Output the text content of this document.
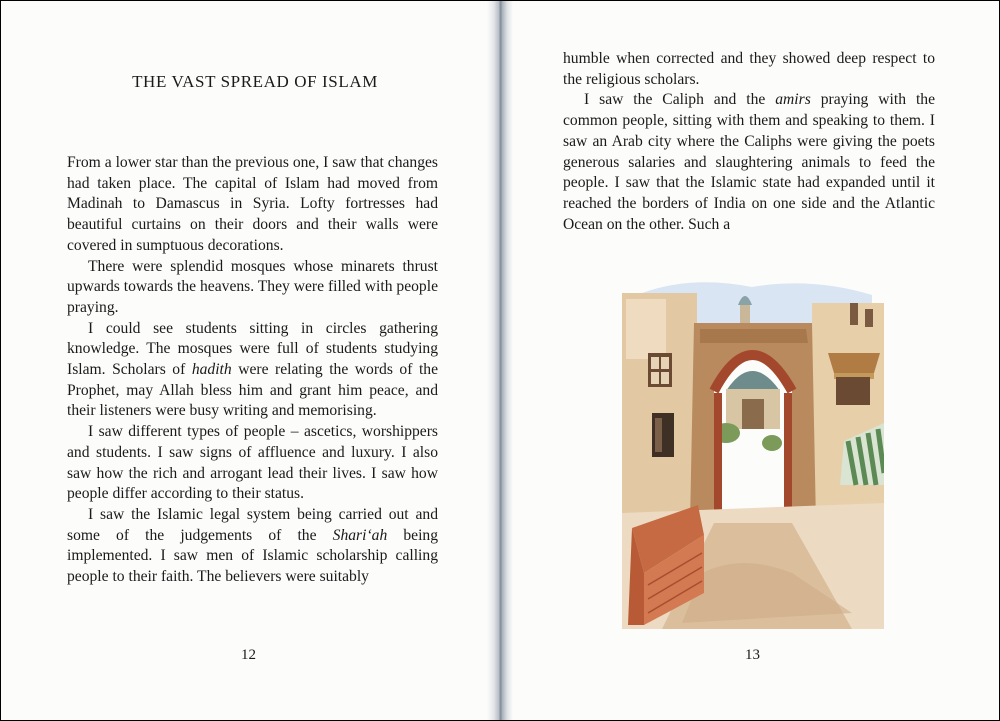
THE VAST SPREAD OF ISLAM

From a lower star than the previous one, I saw that changes had taken place. The capital of Islam had moved from Madinah to Damascus in Syria. Lofty fortresses had beautiful curtains on their doors and their walls were covered in sumptuous decorations.

There were splendid mosques whose minarets thrust upwards towards the heavens. They were filled with people praying.

I could see students sitting in circles gathering knowledge. The mosques were full of students studying Islam. Scholars of hadith were relating the words of the Prophet, may Allah bless him and grant him peace, and their listeners were busy writing and memorising.

I saw different types of people – ascetics, worshippers and students. I saw signs of affluence and luxury. I also saw how the rich and arrogant lead their lives. I saw how people differ according to their status.

I saw the Islamic legal system being carried out and some of the judgements of the Shari‘ah being implemented. I saw men of Islamic scholarship calling people to their faith. The believers were suitably

12

humble when corrected and they showed deep respect to the religious scholars.

I saw the Caliph and the amirs praying with the common people, sitting with them and speaking to them. I saw an Arab city where the Caliphs were giving the poets generous salaries and slaughtering animals to feed the people. I saw that the Islamic state had expanded until it reached the borders of India on one side and the Atlantic Ocean on the other. Such a

13
